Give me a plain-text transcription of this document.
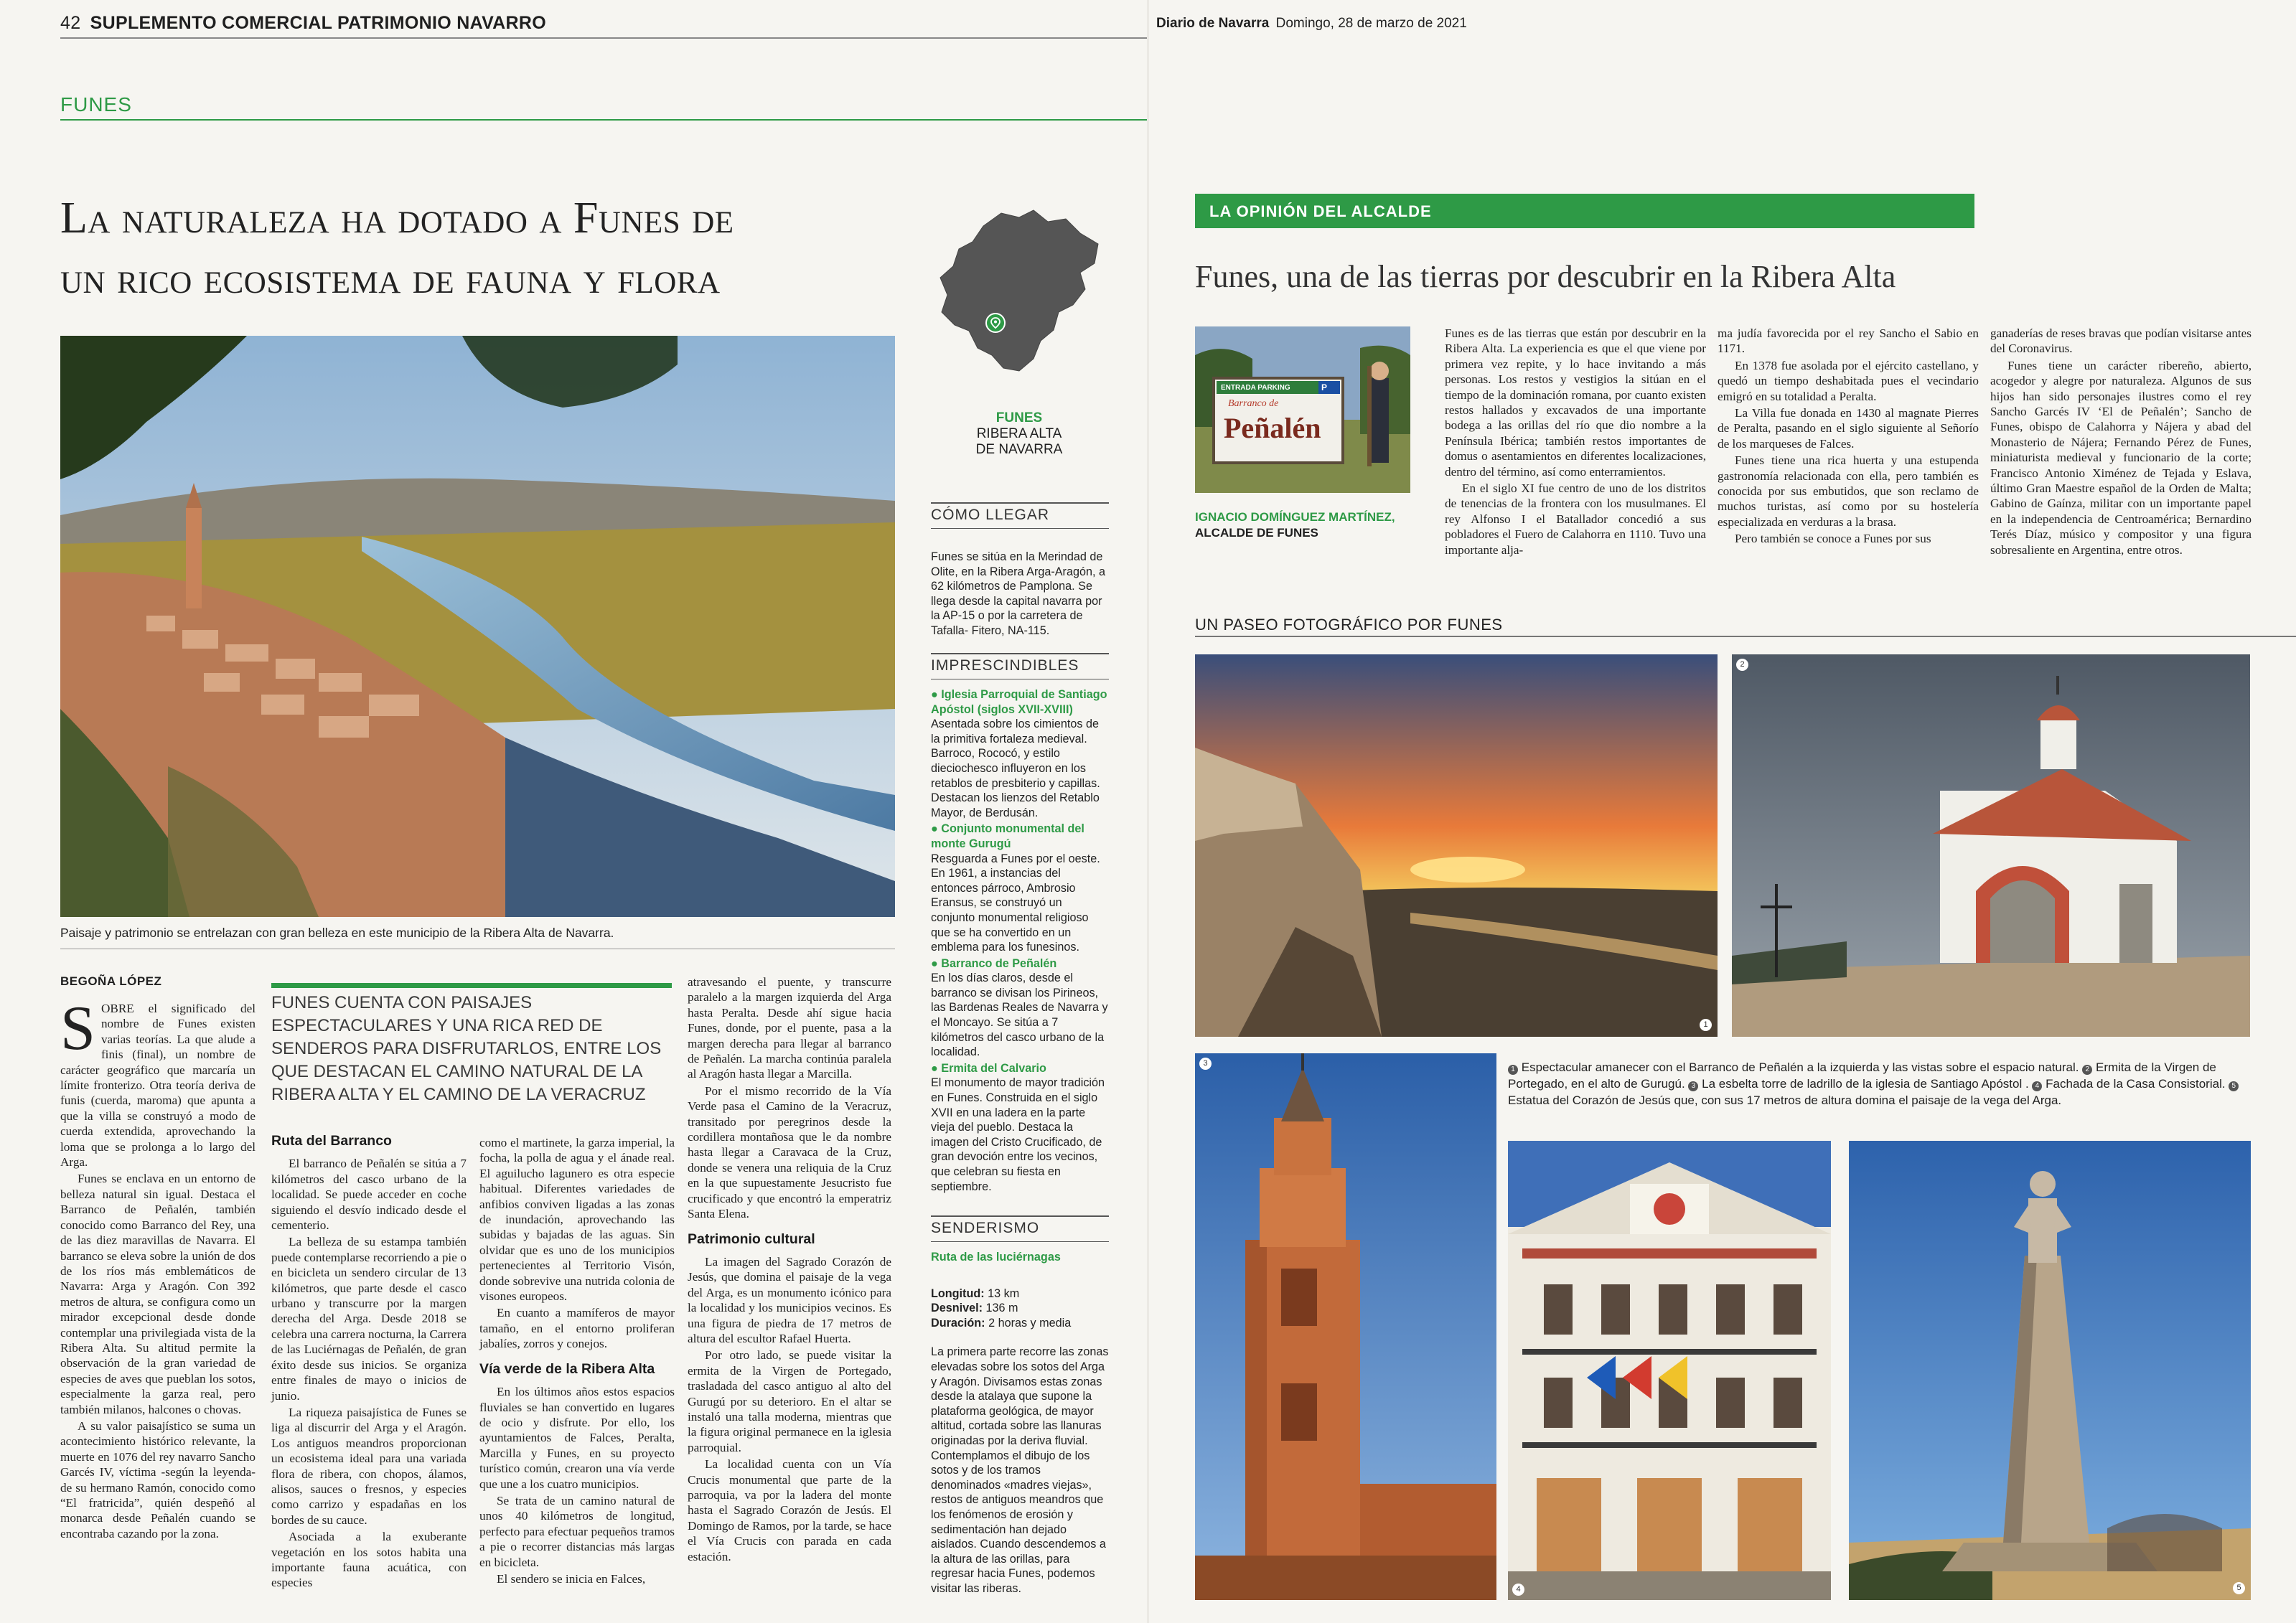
42 SUPLEMENTO COMERCIAL PATRIMONIO NAVARRO
FUNES
La naturaleza ha dotado a Funes de
un rico ecosistema de fauna y flora
FUNES
RIBERA ALTA
DE NAVARRA
Paisaje y patrimonio se entrelazan con gran belleza en este municipio de la Ribera Alta de Navarra.
BEGOÑA LÓPEZ
S OBRE el significado del nombre de Funes existen varias teorías. La que alude a finis (final), un nombre de carácter geográfico que marcaría un límite fronterizo. Otra teoría deriva de funis (cuerda, maroma) que apunta a que la villa se construyó a modo de cuerda extendida, aprovechando la loma que se prolonga a lo largo del Arga.

Funes se enclava en un entorno de belleza natural sin igual. Destaca el Barranco de Peñalén, también conocido como Barranco del Rey, una de las diez maravillas de Navarra. El barranco se eleva sobre la unión de dos de los ríos más emblemáticos de Navarra: Arga y Aragón. Con 392 metros de altura, se configura como un mirador excepcional desde donde contemplar una privilegiada vista de la Ribera Alta. Su altitud permite la observación de la gran variedad de especies de aves que pueblan los sotos, especialmente la garza real, pero también milanos, halcones o chovas.

A su valor paisajístico se suma un acontecimiento histórico relevante, la muerte en 1076 del rey navarro Sancho Garcés IV, víctima -según la leyenda- de su hermano Ramón, conocido como “El fratricida”, quién despeñó al monarca desde Peñalén cuando se encontraba cazando por la zona.

FUNES CUENTA CON PAISAJES ESPECTACULARES Y UNA RICA RED DE SENDEROS PARA DISFRUTARLOS, ENTRE LOS QUE DESTACAN EL CAMINO NATURAL DE LA RIBERA ALTA Y EL CAMINO DE LA VERACRUZ
Ruta del Barranco

El barranco de Peñalén se sitúa a 7 kilómetros del casco urbano de la localidad. Se puede acceder en coche siguiendo el desvío indicado desde el cementerio.

La belleza de su estampa también puede contemplarse recorriendo a pie o en bicicleta un sendero circular de 13 kilómetros, que parte desde el casco urbano y transcurre por la margen derecha del Arga. Desde 2018 se celebra una carrera nocturna, la Carrera de las Luciérnagas de Peñalén, de gran éxito desde sus inicios. Se organiza entre finales de mayo o inicios de junio.

La riqueza paisajística de Funes se liga al discurrir del Arga y el Aragón. Los antiguos meandros proporcionan un ecosistema ideal para una variada flora de ribera, con chopos, álamos, alisos, sauces o fresnos, y especies como carrizo y espadañas en los bordes de su cauce.

Asociada a la exuberante vegetación en los sotos habita una importante fauna acuática, con especies

como el martinete, la garza imperial, la focha, la polla de agua y el ánade real. El aguilucho lagunero es otra especie habitual. Diferentes variedades de anfibios conviven ligadas a las zonas de inundación, aprovechando las subidas y bajadas de las aguas. Sin olvidar que es uno de los municipios pertenecientes al Territorio Visón, donde sobrevive una nutrida colonia de visones europeos.

En cuanto a mamíferos de mayor tamaño, en el entorno proliferan jabalíes, zorros y conejos.

Vía verde de la Ribera Alta

En los últimos años estos espacios fluviales se han convertido en lugares de ocio y disfrute. Por ello, los ayuntamientos de Falces, Peralta, Marcilla y Funes, en su proyecto turístico común, crearon una vía verde que une a los cuatro municipios.

Se trata de un camino natural de unos 40 kilómetros de longitud, perfecto para efectuar pequeños tramos a pie o recorrer distancias más largas en bicicleta.

El sendero se inicia en Falces,

atravesando el puente, y transcurre paralelo a la margen izquierda del Arga hasta Peralta. Desde ahí sigue hacia Funes, donde, por el puente, pasa a la margen derecha para llegar al barranco de Peñalén. La marcha continúa paralela al Aragón hasta llegar a Marcilla.

Por el mismo recorrido de la Vía Verde pasa el Camino de la Veracruz, transitado por peregrinos desde la cordillera montañosa que le da nombre hasta llegar a Caravaca de la Cruz, donde se venera una reliquia de la Cruz en la que supuestamente Jesucristo fue crucificado y que encontró la emperatriz Santa Elena.

Patrimonio cultural

La imagen del Sagrado Corazón de Jesús, que domina el paisaje de la vega del Arga, es un monumento icónico para la localidad y los municipios vecinos. Es una figura de piedra de 17 metros de altura del escultor Rafael Huerta.

Por otro lado, se puede visitar la ermita de la Virgen de Portegado, trasladada del casco antiguo al alto del Gurugú por su deterioro. En el altar se instaló una talla moderna, mientras que la figura original permanece en la iglesia parroquial.

La localidad cuenta con un Vía Crucis monumental que parte de la parroquia, va por la ladera del monte hasta el Sagrado Corazón de Jesús. El Domingo de Ramos, por la tarde, se hace el Vía Crucis con parada en cada estación.

CÓMO LLEGAR
Funes se sitúa en la Merindad de Olite, en la Ribera Arga-Aragón, a 62 kilómetros de Pamplona. Se llega desde la capital navarra por la AP-15 o por la carretera de Tafalla- Fitero, NA-115.
IMPRESCINDIBLES

● Iglesia Parroquial de Santiago Apóstol (siglos XVII-XVIII)
Asentada sobre los cimientos de la primitiva fortaleza medieval. Barroco, Rococó, y estilo dieciochesco influyeron en los retablos de presbiterio y capillas. Destacan los lienzos del Retablo Mayor, de Berdusán.

● Conjunto monumental del monte Gurugú
Resguarda a Funes por el oeste. En 1961, a instancias del entonces párroco, Ambrosio Eransus, se construyó un conjunto monumental religioso que se ha convertido en un emblema para los funesinos.

● Barranco de Peñalén
En los días claros, desde el barranco se divisan los Pirineos, las Bardenas Reales de Navarra y el Moncayo. Se sitúa a 7 kilómetros del casco urbano de la localidad.

● Ermita del Calvario
El monumento de mayor tradición en Funes. Construida en el siglo XVII en una ladera en la parte vieja del pueblo. Destaca la imagen del Cristo Crucificado, de gran devoción entre los vecinos, que celebran su fiesta en septiembre.

SENDERISMO

Ruta de las luciérnagas

Longitud: 13 km

Desnivel: 136 m

Duración: 2 horas y media

La primera parte recorre las zonas elevadas sobre los sotos del Arga y Aragón. Divisamos estas zonas desde la atalaya que supone la plataforma geológica, de mayor altitud, cortada sobre las llanuras originadas por la deriva fluvial. Contemplamos el dibujo de los sotos y de los tramos denominados «madres viejas», restos de antiguos meandros que los fenómenos de erosión y sedimentación han dejado aislados. Cuando descendemos a la altura de las orillas, para regresar hacia Funes, podemos visitar las riberas.

Diario de Navarra Domingo, 28 de marzo de 2021
LA OPINIÓN DEL ALCALDE
Funes, una de las tierras por descubrir en la Ribera Alta
ENTRADA PARKING	P
Barranco de
Peñalén
IGNACIO DOMÍNGUEZ MARTÍNEZ,
ALCALDE DE FUNES

Funes es de las tierras que están por descubrir en la Ribera Alta. La experiencia es que el que viene por primera vez repite, y lo hace invitando a más personas. Los restos y vestigios la sitúan en el tiempo de la dominación romana, por cuanto existen restos hallados y excavados de una importante bodega a las orillas del río que dio nombre a la Península Ibérica; también restos importantes de domus o asentamientos en diferentes localizaciones, dentro del término, así como enterramientos.

En el siglo XI fue centro de uno de los distritos de tenencias de la frontera con los musulmanes. El rey Alfonso I el Batallador concedió a sus pobladores el Fuero de Calahorra en 1110. Tuvo una importante alja-

ma judía favorecida por el rey Sancho el Sabio en 1171.

En 1378 fue asolada por el ejército castellano, y quedó un tiempo deshabitada pues el vecindario emigró en su totalidad a Peralta.

La Villa fue donada en 1430 al magnate Pierres de Peralta, pasando en el siglo siguiente al Señorío de los marqueses de Falces.

Funes tiene una rica huerta y una estupenda gastronomía relacionada con ella, pero también es conocida por sus embutidos, que son reclamo de muchos turistas, así como por su hostelería especializada en verduras a la brasa.

Pero también se conoce a Funes por sus

ganaderías de reses bravas que podían visitarse antes del Coronavirus.

Funes tiene un carácter ribereño, abierto, acogedor y alegre por naturaleza. Algunos de sus hijos han sido personajes ilustres como el rey Sancho Garcés IV ‘El de Peñalén’; Sancho de Funes, obispo de Calahorra y Nájera y abad del Monasterio de Nájera; Fernando Pérez de Funes, miniaturista medieval y funcionario de la corte; Francisco Antonio Ximénez de Tejada y Eslava, último Gran Maestre español de la Orden de Malta; Gabino de Gaínza, militar con un importante papel en la independencia de Centroamérica; Bernardino Terés Díaz, músico y compositor y una figura sobresaliente en Argentina, entre otros.

UN PASEO FOTOGRÁFICO POR FUNES
1
2
3
1 Espectacular amanecer con el Barranco de Peñalén a la izquierda y las vistas sobre el espacio natural. 2 Ermita de la Virgen de Portegado, en el alto de Gurugú. 3 La esbelta torre de ladrillo de la iglesia de Santiago Apóstol . 4 Fachada de la Casa Consistorial. 5 Estatua del Corazón de Jesús que, con sus 17 metros de altura domina el paisaje de la vega del Arga.
4	5
